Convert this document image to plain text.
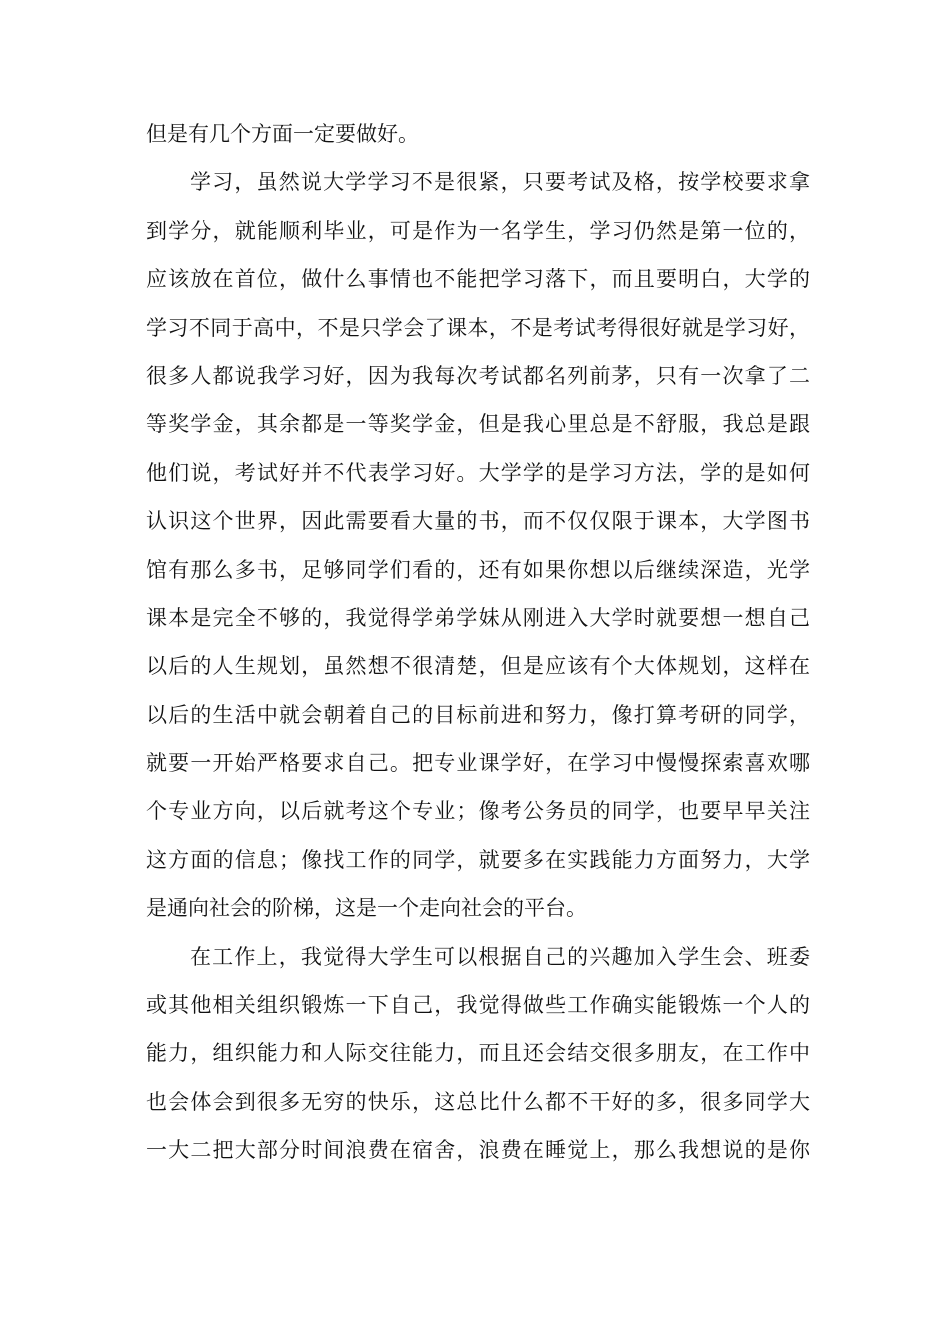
但是有几个方面一定要做好。
学习，虽然说大学学习不是很紧，只要考试及格，按学校要求拿
到学分，就能顺利毕业，可是作为一名学生，学习仍然是第一位的，
应该放在首位，做什么事情也不能把学习落下，而且要明白，大学的
学习不同于高中，不是只学会了课本，不是考试考得很好就是学习好，
很多人都说我学习好，因为我每次考试都名列前茅，只有一次拿了二
等奖学金，其余都是一等奖学金，但是我心里总是不舒服，我总是跟
他们说，考试好并不代表学习好。大学学的是学习方法，学的是如何
认识这个世界，因此需要看大量的书，而不仅仅限于课本，大学图书
馆有那么多书，足够同学们看的，还有如果你想以后继续深造，光学
课本是完全不够的，我觉得学弟学妹从刚进入大学时就要想一想自己
以后的人生规划，虽然想不很清楚，但是应该有个大体规划，这样在
以后的生活中就会朝着自己的目标前进和努力，像打算考研的同学，
就要一开始严格要求自己。把专业课学好，在学习中慢慢探索喜欢哪
个专业方向，以后就考这个专业；像考公务员的同学，也要早早关注
这方面的信息；像找工作的同学，就要多在实践能力方面努力，大学
是通向社会的阶梯，这是一个走向社会的平台。
在工作上，我觉得大学生可以根据自己的兴趣加入学生会、班委
或其他相关组织锻炼一下自己，我觉得做些工作确实能锻炼一个人的
能力，组织能力和人际交往能力，而且还会结交很多朋友，在工作中
也会体会到很多无穷的快乐，这总比什么都不干好的多，很多同学大
一大二把大部分时间浪费在宿舍，浪费在睡觉上，那么我想说的是你
